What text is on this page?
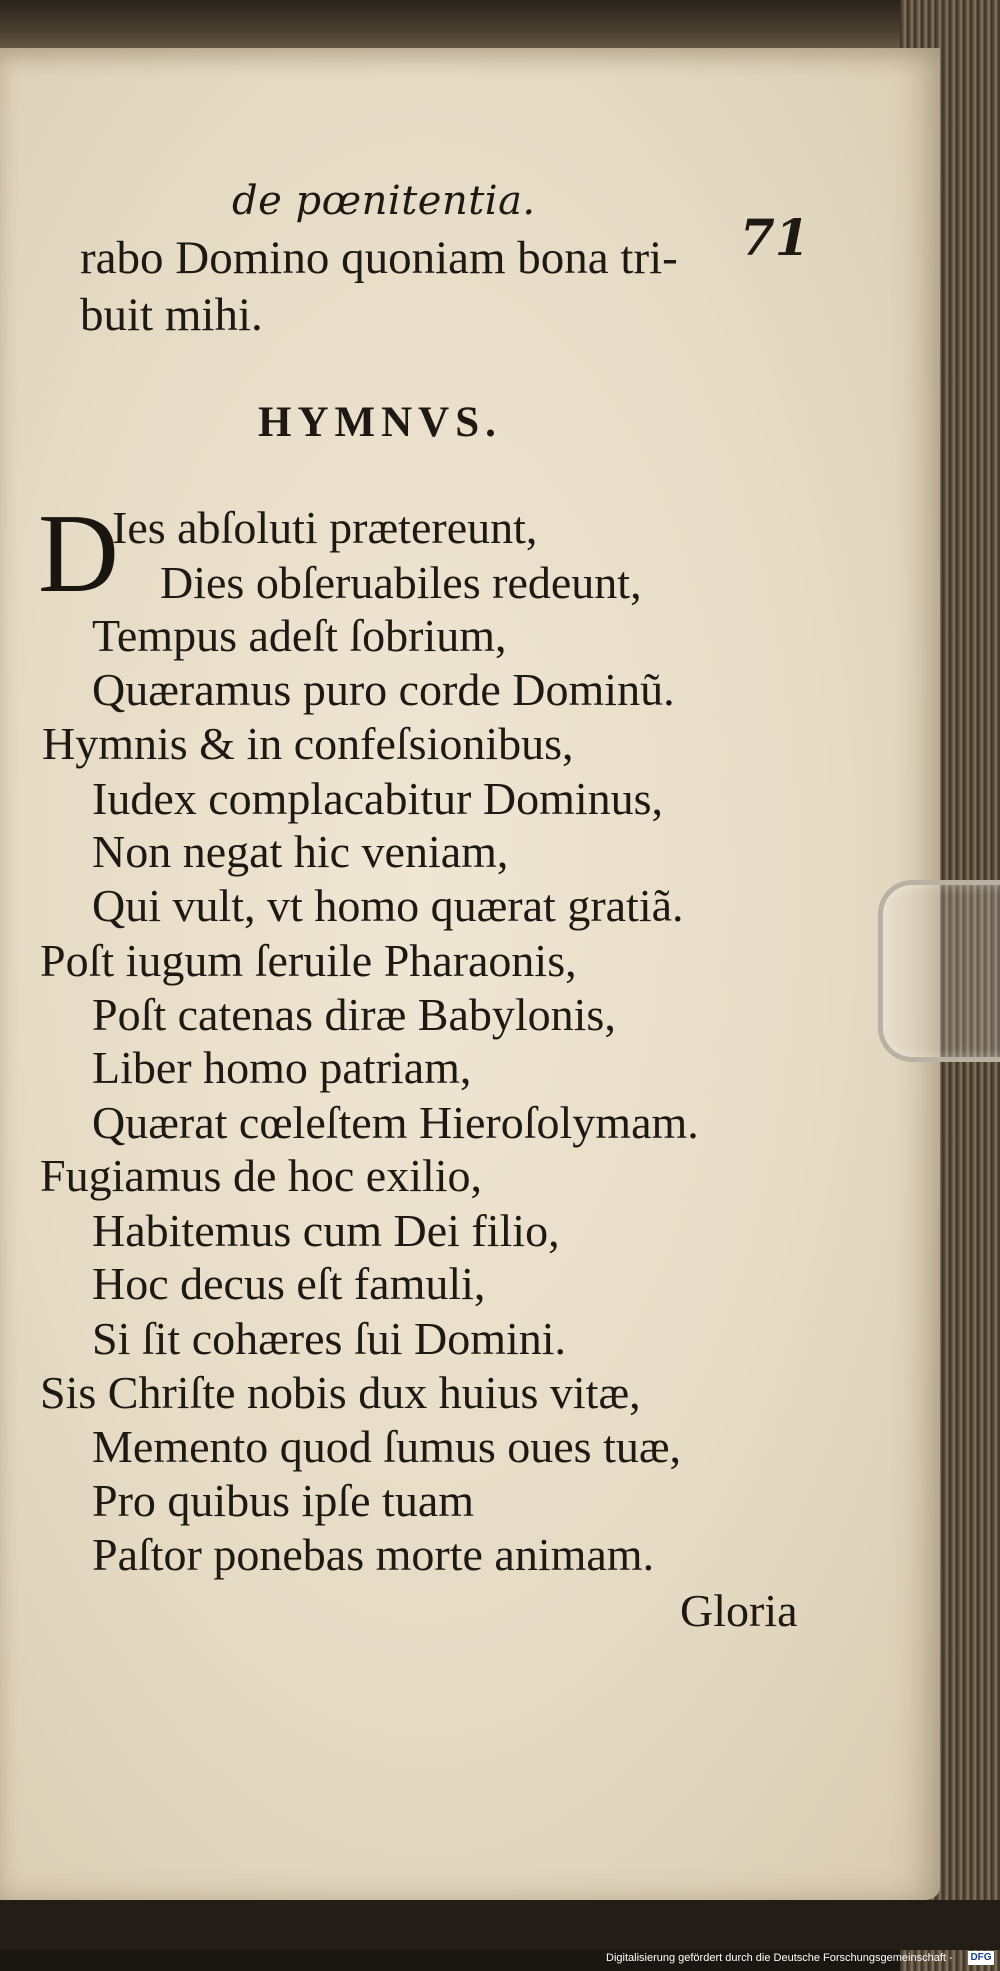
de pœnitentia.
71
rabo Domino quoniam bona tri-
buit mihi.
HYMNVS.
D
Ies abſoluti prætereunt,
Dies obſeruabiles redeunt,
Tempus adeſt ſobrium,
Quæramus puro corde Dominũ.
Hymnis & in confeſsionibus,
Iudex complacabitur Dominus,
Non negat hic veniam,
Qui vult, vt homo quærat gratiã.
Poſt iugum ſeruile Pharaonis,
Poſt catenas diræ Babylonis,
Liber homo patriam,
Quærat cœleſtem Hieroſolymam.
Fugiamus de hoc exilio,
Habitemus cum Dei filio,
Hoc decus eſt famuli,
Si ſit cohæres ſui Domini.
Sis Chriſte nobis dux huius vitæ,
Memento quod ſumus oues tuæ,
Pro quibus ipſe tuam
Paſtor ponebas morte animam.
Gloria
Digitalisierung gefördert durch die Deutsche Forschungsgemeinschaft - DFG
